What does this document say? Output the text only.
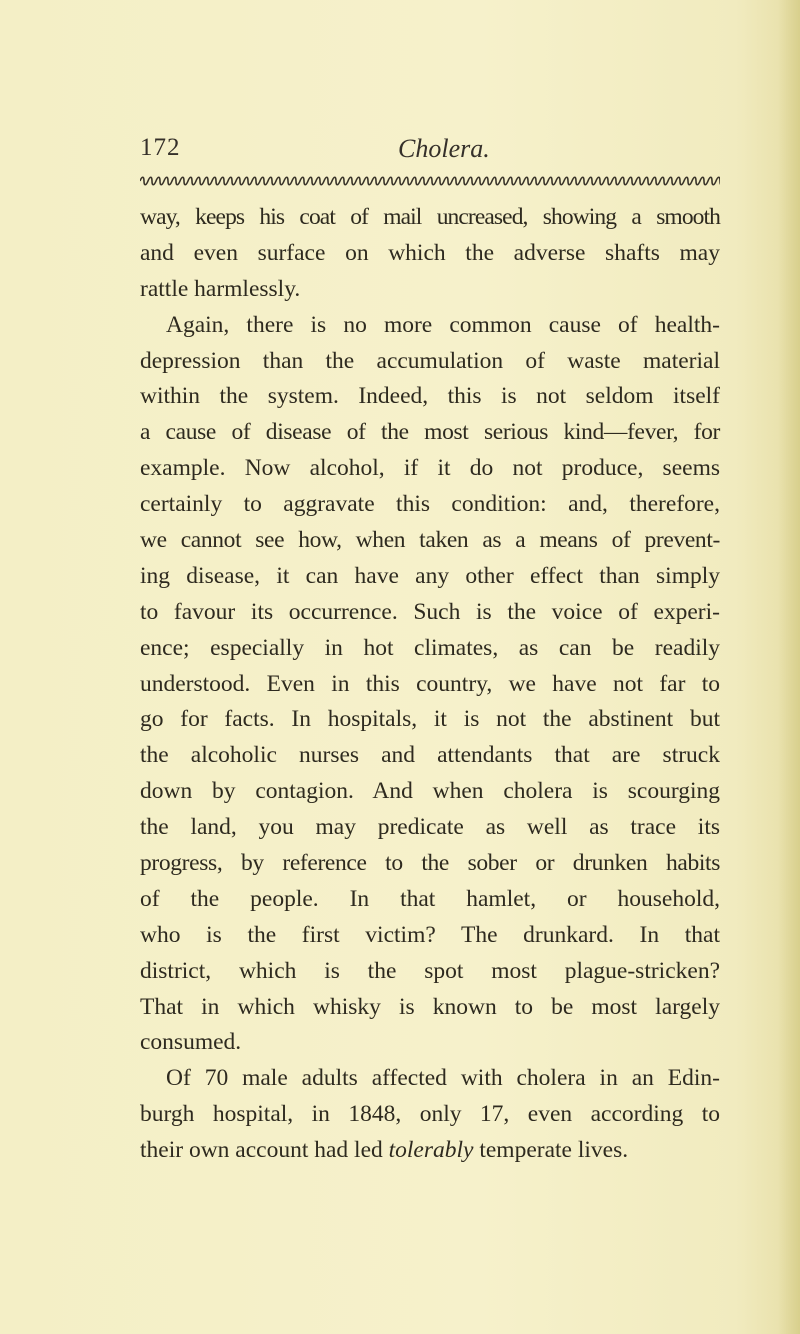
172	Cholera.
way, keeps his coat of mail uncreased, showing a smooth
and even surface on which the adverse shafts may
rattle harmlessly.
Again, there is no more common cause of health-
depression than the accumulation of waste material
within the system. Indeed, this is not seldom itself
a cause of disease of the most serious kind—fever, for
example. Now alcohol, if it do not produce, seems
certainly to aggravate this condition: and, therefore,
we cannot see how, when taken as a means of prevent-
ing disease, it can have any other effect than simply
to favour its occurrence. Such is the voice of experi-
ence; especially in hot climates, as can be readily
understood. Even in this country, we have not far to
go for facts. In hospitals, it is not the abstinent but
the alcoholic nurses and attendants that are struck
down by contagion. And when cholera is scourging
the land, you may predicate as well as trace its
progress, by reference to the sober or drunken habits
of the people. In that hamlet, or household,
who is the first victim? The drunkard. In that
district, which is the spot most plague-stricken?
That in which whisky is known to be most largely
consumed.
Of 70 male adults affected with cholera in an Edin-
burgh hospital, in 1848, only 17, even according to
their own account had led tolerably temperate lives.
